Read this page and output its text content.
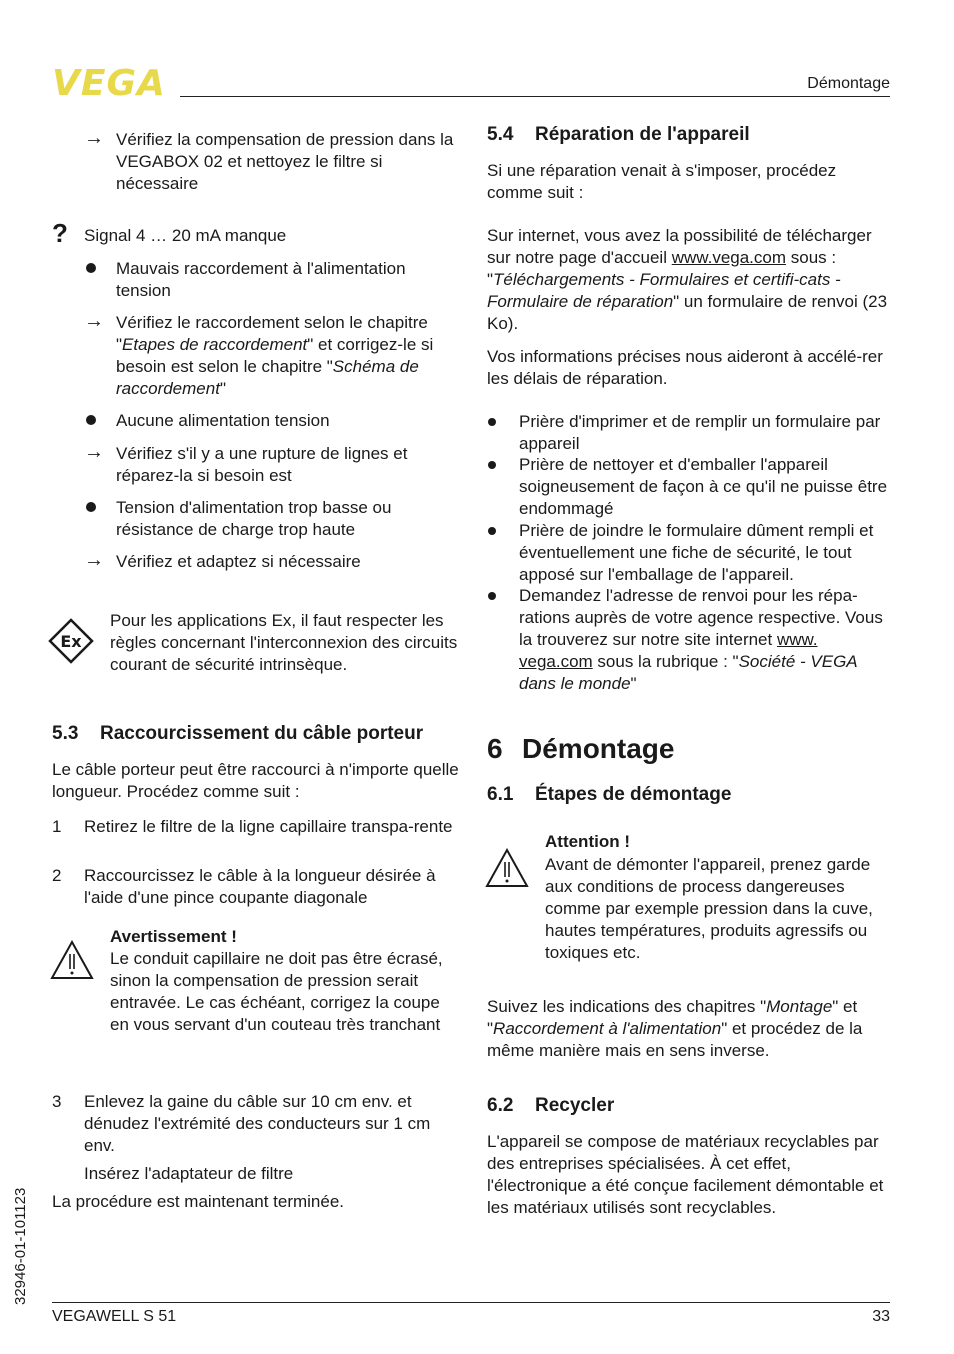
VEGA	Démontage
→ Vérifiez la compensation de pression dans la VEGABOX 02 et nettoyez le filtre si nécessaire

? Signal 4 … 20 mA manque

Mauvais raccordement à l'alimentation tension

→ Vérifiez le raccordement selon le chapitre "Etapes de raccordement" et corrigez-le si besoin est selon le chapitre "Schéma de raccordement"

Aucune alimentation tension

→ Vérifiez s'il y a une rupture de lignes et réparez-la si besoin est

Tension d'alimentation trop basse ou résistance de charge trop haute

→ Vérifiez et adaptez si nécessaire

Ex

Pour les applications Ex, il faut respecter les règles concernant l'interconnexion des circuits courant de sécurité intrinsèque.

5.3 Raccourcissement du câble porteur

Le câble porteur peut être raccourci à n'importe quelle longueur. Procédez comme suit :

1 Retirez le filtre de la ligne capillaire transpa-rente

2 Raccourcissez le câble à la longueur désirée à l'aide d'une pince coupante diagonale

Avertissement !

Le conduit capillaire ne doit pas être écrasé, sinon la compensation de pression serait entravée. Le cas échéant, corrigez la coupe en vous servant d'un couteau très tranchant

3 Enlevez la gaine du câble sur 10 cm env. et dénudez l'extrémité des conducteurs sur 1 cm env.

Insérez l'adaptateur de filtre

La procédure est maintenant terminée.

5.4 Réparation de l'appareil

Si une réparation venait à s'imposer, procédez comme suit :

Sur internet, vous avez la possibilité de télécharger sur notre page d'accueil www.vega.com sous : "Téléchargements - Formulaires et certifi-cats - Formulaire de réparation" un formulaire de renvoi (23 Ko).

Vos informations précises nous aideront à accélé-rer les délais de réparation.

Prière d'imprimer et de remplir un formulaire par appareil

Prière de nettoyer et d'emballer l'appareil soigneusement de façon à ce qu'il ne puisse être endommagé

Prière de joindre le formulaire dûment rempli et éventuellement une fiche de sécurité, le tout apposé sur l'emballage de l'appareil.

Demandez l'adresse de renvoi pour les répa-rations auprès de votre agence respective. Vous la trouverez sur notre site internet www. vega.com sous la rubrique : "Société - VEGA dans le monde"

6 Démontage
6.1 Étapes de démontage
Attention !

Avant de démonter l'appareil, prenez garde aux conditions de process dangereuses comme par exemple pression dans la cuve, hautes températures, produits agressifs ou toxiques etc.

Suivez les indications des chapitres "Montage" et "Raccordement à l'alimentation" et procédez de la même manière mais en sens inverse.

6.2 Recycler

L'appareil se compose de matériaux recyclables par des entreprises spécialisées. À cet effet, l'électronique a été conçue facilement démontable et les matériaux utilisés sont recyclables.

32946-01-101123
VEGAWELL S 51	33
